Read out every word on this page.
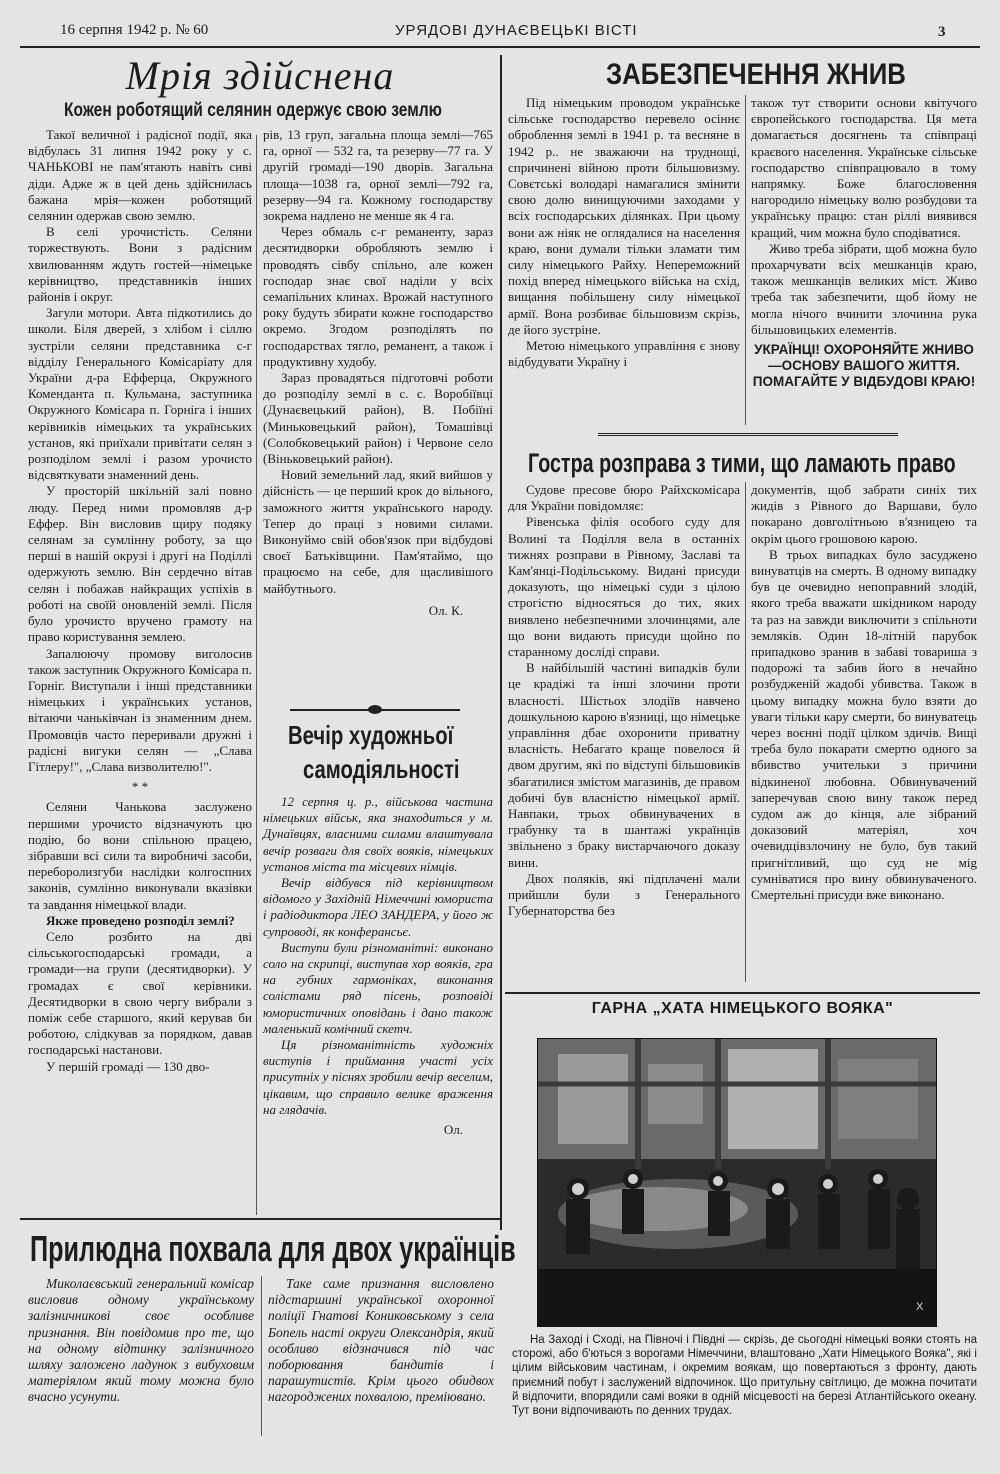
16 серпня 1942 р. № 60	УРЯДОВІ ДУНАЄВЕЦЬКІ ВІСТІ	3
Мрія здійснена
Кожен роботящий селянин одержує свою землю

Такої величної і радісної події, яка відбулась 31 липня 1942 року у с. ЧАНЬКОВІ не пам'ятають навіть сиві діди. Адже ж в цей день здійснилась бажана мрія—кожен роботящий селянин одержав свою землю.

В селі урочистість. Селяни торжествують. Вони з радісним хвилюванням ждуть гостей—німецьке керівництво, представників інших районів і округ.

Загули мотори. Авта підкотились до школи. Біля дверей, з хлібом і сіллю зустріли селяни представника с-г відділу Генерального Комісаріату для України д-ра Ефферца, Окружного Коменданта п. Кульмана, заступника Окружного Комісара п. Горніга і інших керівників німецьких та українських установ, які приїхали привітати селян з розподілом землі і разом урочисто відсвяткувати знаменний день.

У просторій шкільній залі повно люду. Перед ними промовляв д-р Еффер. Він висловив щиру подяку селянам за сумлінну роботу, за що перші в нашій окрузі і другі на Поділлі одержують землю. Він сердечно вітав селян і побажав найкращих успіхів в роботі на своїй оновленій землі. Після було урочисто вручено грамоту на право користування землею.

Запалюючу промову виголосив також заступник Окружного Комісара п. Горніг. Виступали і інші представники німецьких і українських установ, вітаючи чаньківчан із знаменним днем. Промовців часто переривали дружні і радісні вигуки селян — „Слава Гітлеру!", „Слава визволителю!".

* *

Селяни Чанькова заслужено першими урочисто відзначують цю подію, бо вони спільною працею, зібравши всі сили та виробничі засоби, переборолизгуби наслідки колгоспних законів, сумлінно виконували вказівки та завдання німецької влади.

Якже проведено розподіл землі?

Село розбито на дві сільськогосподарські громади, а громади—на групи (десятидворки). У громадах є свої керівники. Десятидворки в свою чергу вибрали з поміж себе старшого, який керував би роботою, слідкував за порядком, давав господарські настанови.

У першій громаді — 130 дво-

рів, 13 груп, загальна площа землі—765 га, орної — 532 га, та резерву—77 га. У другій громаді—190 дворів. Загальна площа—1038 га, орної землі—792 га, резерву—94 га. Кожному господарству зокрема надлено не менше як 4 га.

Через обмаль с-г реманенту, зараз десятидворки обробляють землю і проводять сівбу спільно, але кожен господар знає свої наділи у всіх семапільних клинах. Врожай наступного року будуть збирати кожне господарство окремо. Згодом розподілять по господарствах тягло, реманент, а також і продуктивну худобу.

Зараз провадяться підготовчі роботи до розподілу землі в с. с. Воробіївці (Дунаєвецький район), В. Побіїні (Миньковецький район), Томашівці (Солобковецький район) і Червоне село (Віньковецький район).

Новий земельний лад, який вийшов у дійсність — це перший крок до вільного, заможного життя українського народу. Тепер до праці з новими силами. Виконуймо свій обов'язок при відбудові своєї Батьківщини. Пам'ятаймо, що працюємо на себе, для щасливішого майбутнього.

Ол. К.

Вечір художньої
самодіяльності

12 серпня ц. р., військова частина німецьких військ, яка знаходиться у м. Дунаївцях, власними силами влаштувала вечір розваги для своїх вояків, німецьких установ міста та місцевих німців.

Вечір відбувся під керівництвом відомого у Західній Німеччині юмориста і радіодиктора ЛЕО ЗАНДЕРА, у його ж супроводі, як конферансьє.

Виступи були різноманітні: виконано соло на скрипці, виступав хор вояків, гра на губних гармоніках, виконання солістами ряд пісень, розповіді юмористичних оповідань і дано також маленький комічний скетч.

Ця різноманітність художніх виступів і приймання участі усіх присутніх у піснях зробили вечір веселим, цікавим, що справило велике враження на глядачів.

Ол.

Прилюдна похвала для двох українців

Миколаєвський генеральний комісар висловив одному українському залізничникові своє особливе признання. Він повідомив про те, що на одному відтинку залізничного шляху заложено ладунок з вибуховим матеріялом який тому можна було вчасно усунути.

Таке саме признання висловлено підстаршині української охоронної поліції Гнатові Кониковському з села Бопель насті округи Олександрія, який особливо відзначився під час поборювання бандитів і парашутистів. Крім цього обидвох нагороджених похвалою, преміювано.

ЗАБЕЗПЕЧЕННЯ ЖНИВ

Під німецьким проводом українське сільське господарство перевело осіннє оброблення землі в 1941 р. та весняне в 1942 р.. не зважаючи на труднощі, спричинені війною проти більшовизму. Совєтські володарі намагалися змінити свою долю винищуючими заходами у всіх господарських ділянках. При цьому вони аж ніяк не оглядалися на населення краю, вони думали тільки зламати тим силу німецького Райху. Непереможний похід вперед німецького війська на схід, вищання побільшену силу німецької армії. Вона розбиває більшовизм скрізь, де його зустріне.

Метою німецького управління є знову відбудувати Україну і

також тут створити основи квітучого європейського господарства. Ця мета домагається досягнень та співпраці краєвого населення. Українське сільське господарство співпрацювало в тому напрямку. Боже благословення нагородило німецьку волю розбудови та українську працю: стан ріллі виявився кращий, чим можна було сподіватися.

Живо треба зібрати, щоб можна було прохарчувати всіх мешканців краю, також мешканців великих міст. Живо треба так забезпечити, щоб йому не могла нічого вчинити злочинна рука більшовицьких елементів.

УКРАЇНЦІ! ОХОРОНЯЙТЕ ЖНИВО —ОСНОВУ ВАШОГО ЖИТТЯ. ПОМАГАЙТЕ У ВІДБУДОВІ КРАЮ!

Гостра розправа з тими, що ламають право

Судове пресове бюро Райхскомісара для України повідомляє:

Рівенська філія особого суду для Волині та Поділля вела в останніх тижнях розправи в Рівному, Заславі та Кам'янці-Подільському. Видані присуди доказують, що німецькі суди з цілою строгістю відносяться до тих, яких виявлено небезпечними злочинцями, але що вони видають присуди щойно по старанному досліді справи.

В найбільшій частині випадків були це крадіжі та інші злочини проти власності. Шістьох злодіїв навчено дошкульною карою в'язниці, що німецьке управління дбає охоронити приватну власність. Небагато краще повелося й двом другим, які по відступі більшовиків збагатилися змістом магазинів, де правом добичі був власністю німецької армії. Навпаки, трьох обвинувачених в грабунку та в шантажі українців звільнено з браку вистарчаючого доказу вини.

Двох поляків, які підплачені мали прийшли були з Генерального Губернаторства без

документів, щоб забрати синіх тих жидів з Рівного до Варшави, було покарано довголітньою в'язницею та окрім цього грошовою карою.

В трьох випадках було засуджено винуватців на смерть. В одному випадку був це очевидно непоправний злодій, якого треба вважати шкідником народу та раз на завжди виключити з спільноти земляків. Один 18-літній парубок припадково зранив в забаві товариша з подорожі та забив його в нечайно розбудженій жадобі убивства. Також в цьому випадку можна було взяти до уваги тільки кару смерти, бо винуватець через воєнні події цілком здичів. Вищі треба було покарати смертю одного за вбивство учительки з причини відкиненої любовна. Обвинувачений заперечував свою вину також перед судом аж до кінця, але зібраний доказовий матеріял, хоч очевидцівзлочину не було, був такий пригнітливий, що суд не мig сумніватися про вину обвинуваченого. Смертельні присуди вже виконано.

ГАРНА „ХАТА НІМЕЦЬКОГО ВОЯКА"
X

На Заході і Сході, на Півночі і Півдні — скрізь, де сьогодні німецькі вояки стоять на сторожі, або б'ються з ворогами Німеччини, влаштовано „Хати Німецького Вояка", які і цілим військовим частинам, і окремим воякам, що повертаються з фронту, дають приємний побут і заслужений відпочинок. Що притульну світлицю, де можна почитати й відпочити, впорядили самі вояки в одній місцевості на березі Атлантійського океану. Тут вони відпочивають по денних трудах.
